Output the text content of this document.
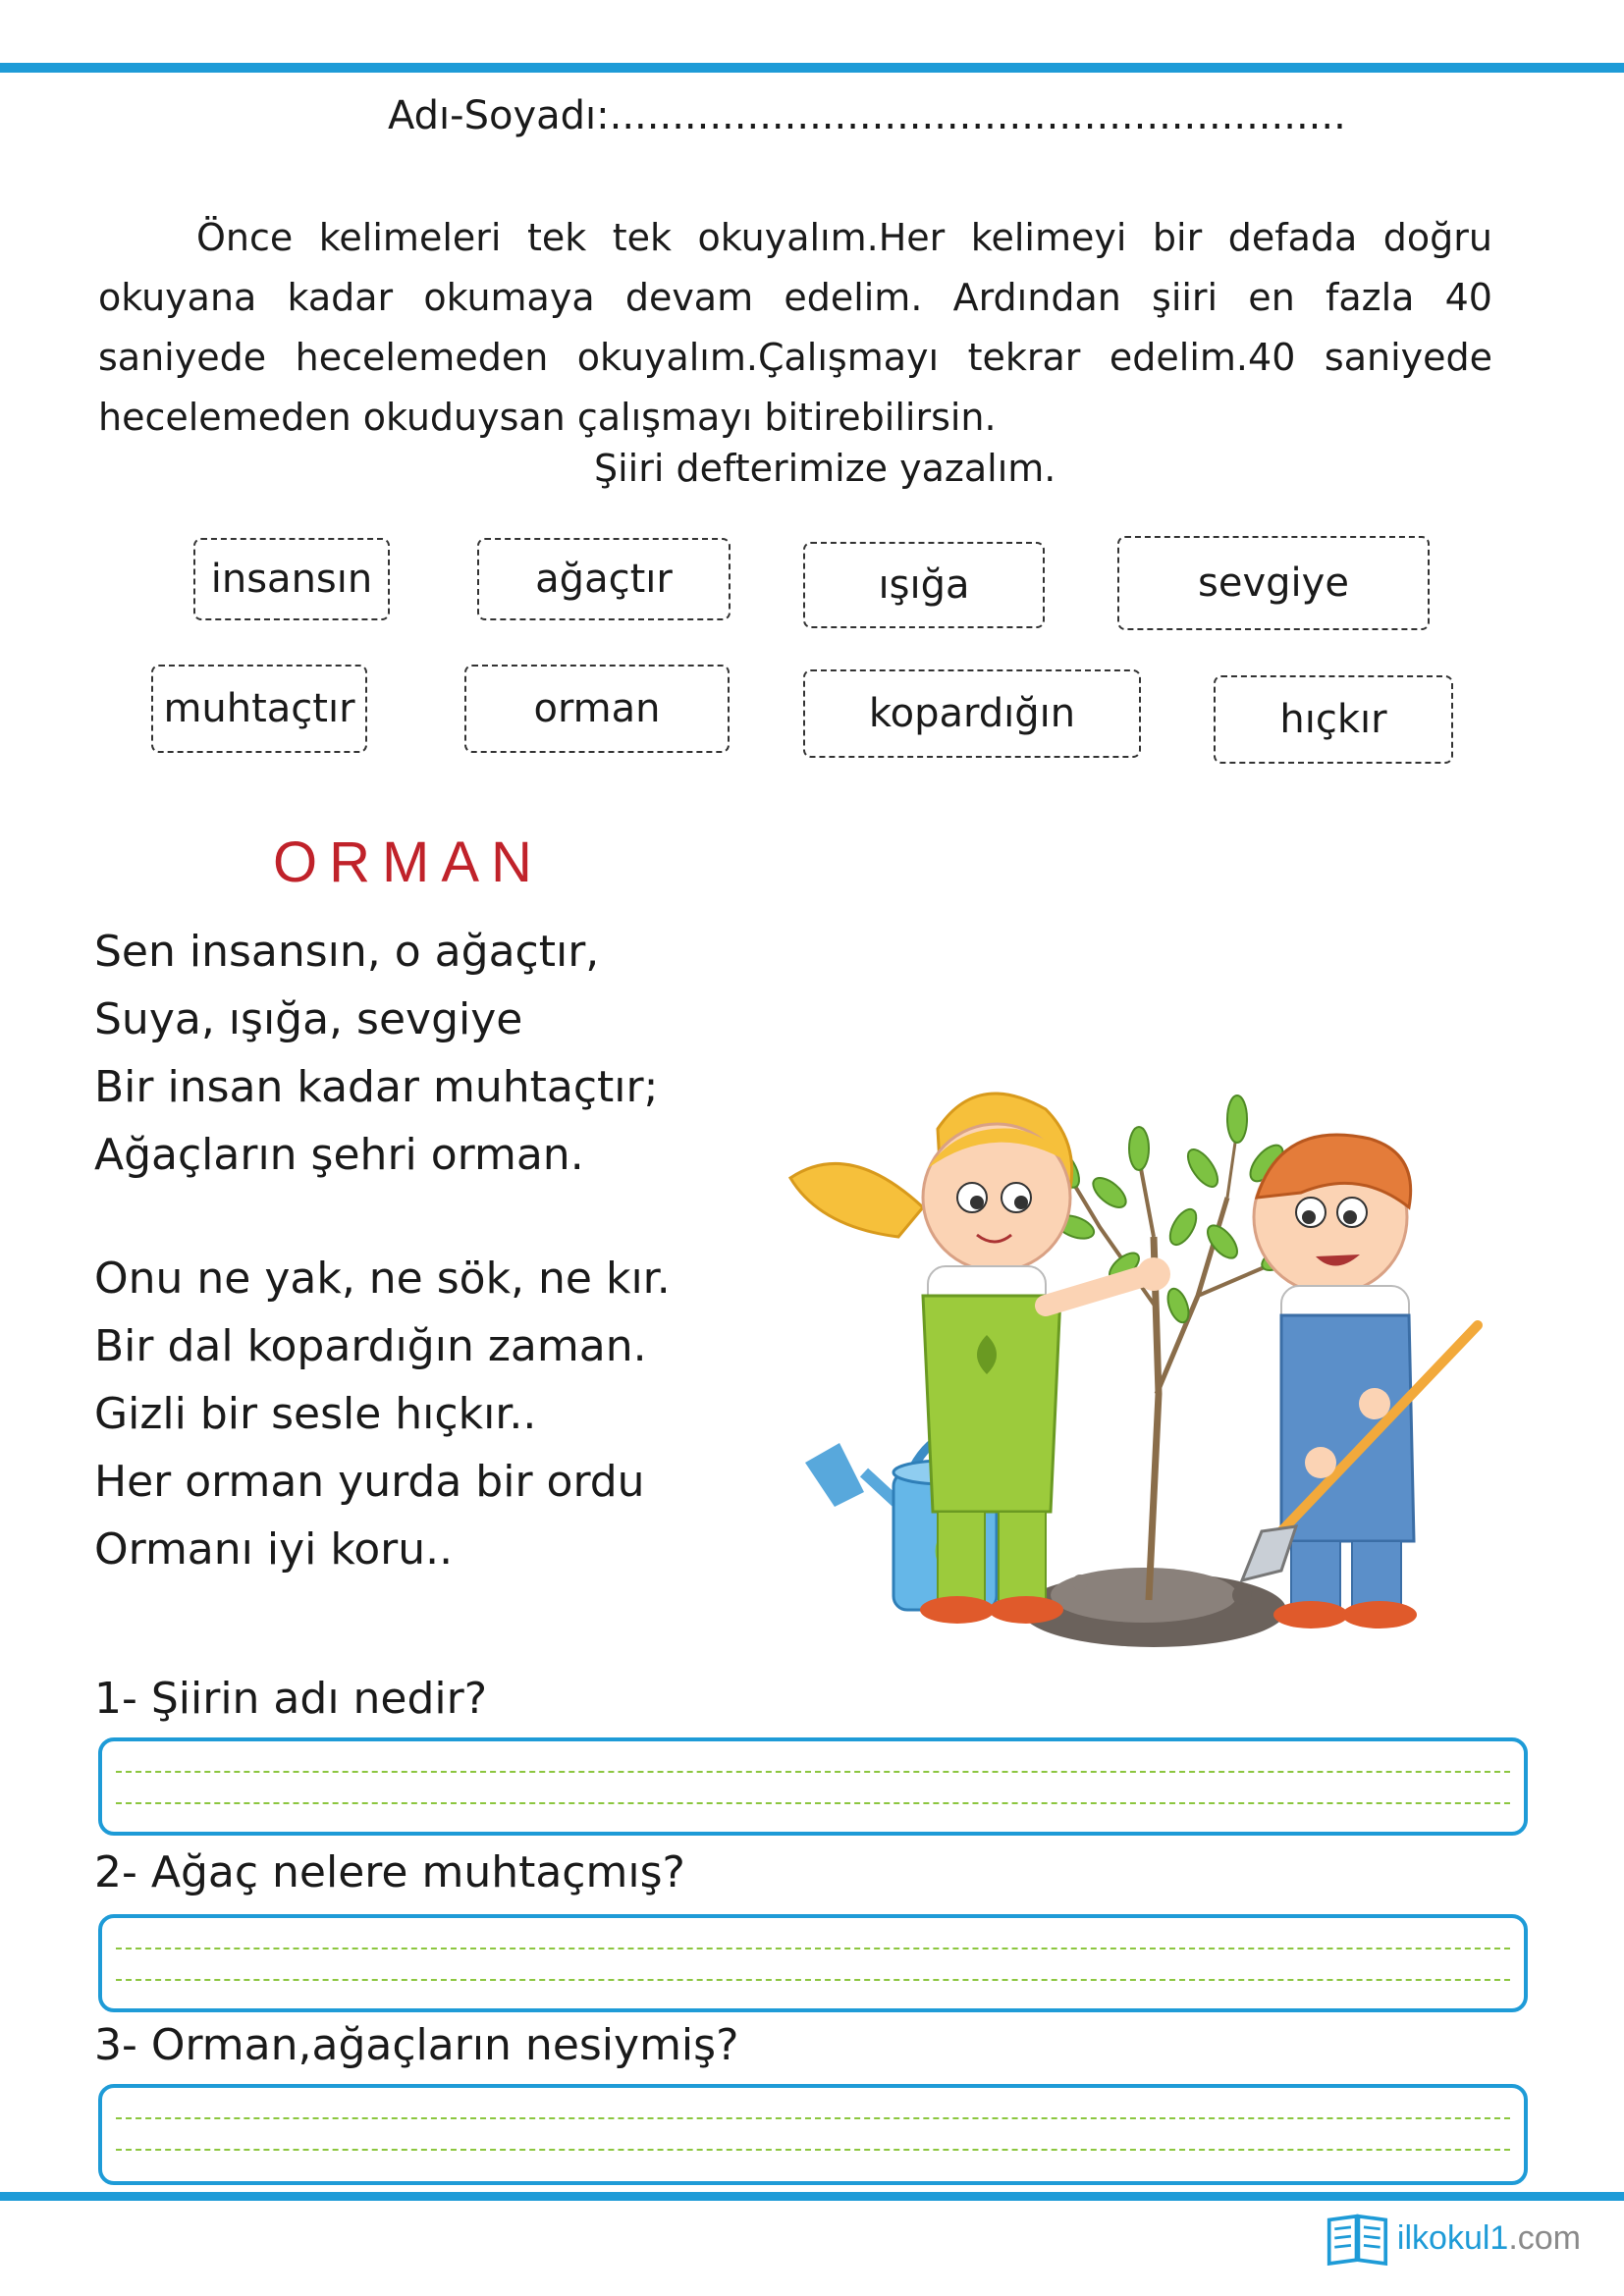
Adı-Soyadı:...........................................................

Önce kelimeleri tek tek okuyalım.Her kelimeyi bir defada doğru okuyana kadar okumaya devam edelim. Ardından şiiri en fazla 40 saniyede hecelemeden okuyalım.Çalışmayı tekrar edelim.40 saniyede hecelemeden okuduysan çalışmayı bitirebilirsin.

Şiiri defterimize yazalım.
insansın	ağaçtır	ışığa	sevgiye
muhtaçtır	orman	kopardığın	hıçkır
ORMAN
Sen insansın, o ağaçtır,
Suya, ışığa, sevgiye
Bir insan kadar muhtaçtır;
Ağaçların şehri orman.
Onu ne yak, ne sök, ne kır.
Bir dal kopardığın zaman.
Gizli bir sesle hıçkır..
Her orman yurda bir ordu
Ormanı iyi koru..
1- Şiirin adı nedir?
2- Ağaç nelere muhtaçmış?
3- Orman,ağaçların nesiymiş?
ilkokul1.com
